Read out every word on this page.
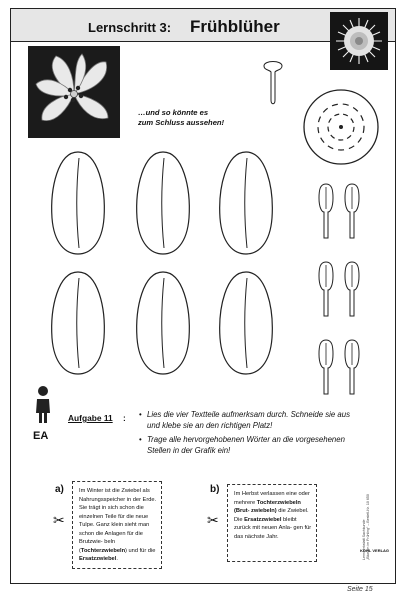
Lernschritt 3: Frühblüher
…und so könnte es
zum Schluss aussehen!
EA
Aufgabe 11 :
•	Lies die vier Textteile aufmerksam durch. Schneide sie aus und klebe sie an den richtigen Platz!
• Trage alle hervorgehobenen Wörter an die vorgesehenen Stellen in der Grafik ein!
Lernwerkstatt Sachkunde „Blumen im Frühling“ – Bestell-Nr. 10 650
KOHL VERLAG
a)
✂
Im Winter ist die Zwiebel als Nahrungsspeicher in der Erde. Sie trägt in sich schon die einzelnen Teile für die neue Tulpe. Ganz klein sieht man schon die Anlagen für die Brutzwie- beln (Tochterzwiebeln) und für die Ersatzzwiebel.
b)
✂
Im Herbst verlassen eine oder mehrere Tochterzwiebeln (Brut- zwiebeln) die Zwiebel. Die Ersatzzwiebel bleibt zurück mit neuen Anla- gen für das nächste Jahr.
Seite 15
